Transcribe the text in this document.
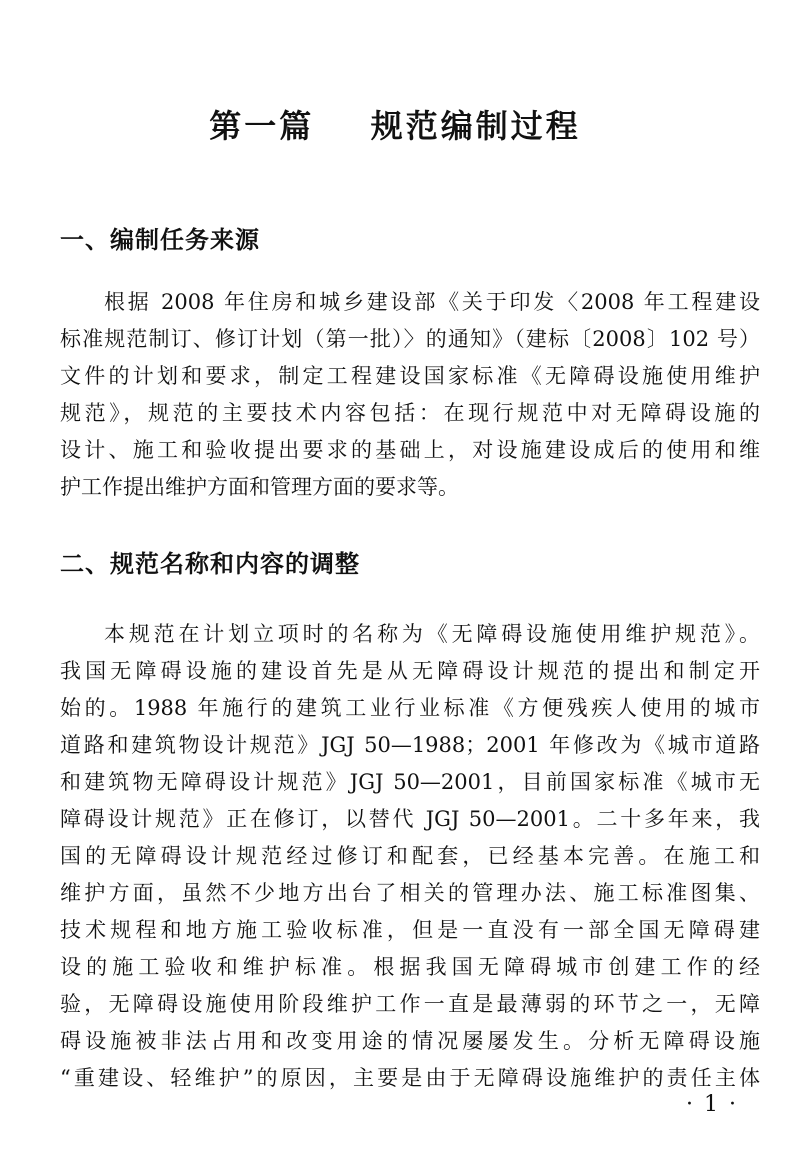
第一篇    规范编制过程
一、编制任务来源
根据 2008 年住房和城乡建设部《关于印发〈2008 年工程建设
标准规范制订、修订计划（第一批）〉的通知》（建标〔2008〕102 号）
文件的计划和要求，制定工程建设国家标准《无障碍设施使用维护
规范》，规范的主要技术内容包括：在现行规范中对无障碍设施的
设计、施工和验收提出要求的基础上，对设施建设成后的使用和维
护工作提出维护方面和管理方面的要求等。
二、规范名称和内容的调整
本规范在计划立项时的名称为《无障碍设施使用维护规范》。
我国无障碍设施的建设首先是从无障碍设计规范的提出和制定开
始的。1988 年施行的建筑工业行业标准《方便残疾人使用的城市
道路和建筑物设计规范》JGJ 50—1988；2001 年修改为《城市道路
和建筑物无障碍设计规范》JGJ 50—2001，目前国家标准《城市无
障碍设计规范》正在修订，以替代 JGJ 50—2001。二十多年来，我
国的无障碍设计规范经过修订和配套，已经基本完善。在施工和
维护方面，虽然不少地方出台了相关的管理办法、施工标准图集、
技术规程和地方施工验收标准，但是一直没有一部全国无障碍建
设的施工验收和维护标准。根据我国无障碍城市创建工作的经
验，无障碍设施使用阶段维护工作一直是最薄弱的环节之一，无障
碍设施被非法占用和改变用途的情况屡屡发生。分析无障碍设施
“重建设、轻维护”的原因，主要是由于无障碍设施维护的责任主体
· 1 ·
